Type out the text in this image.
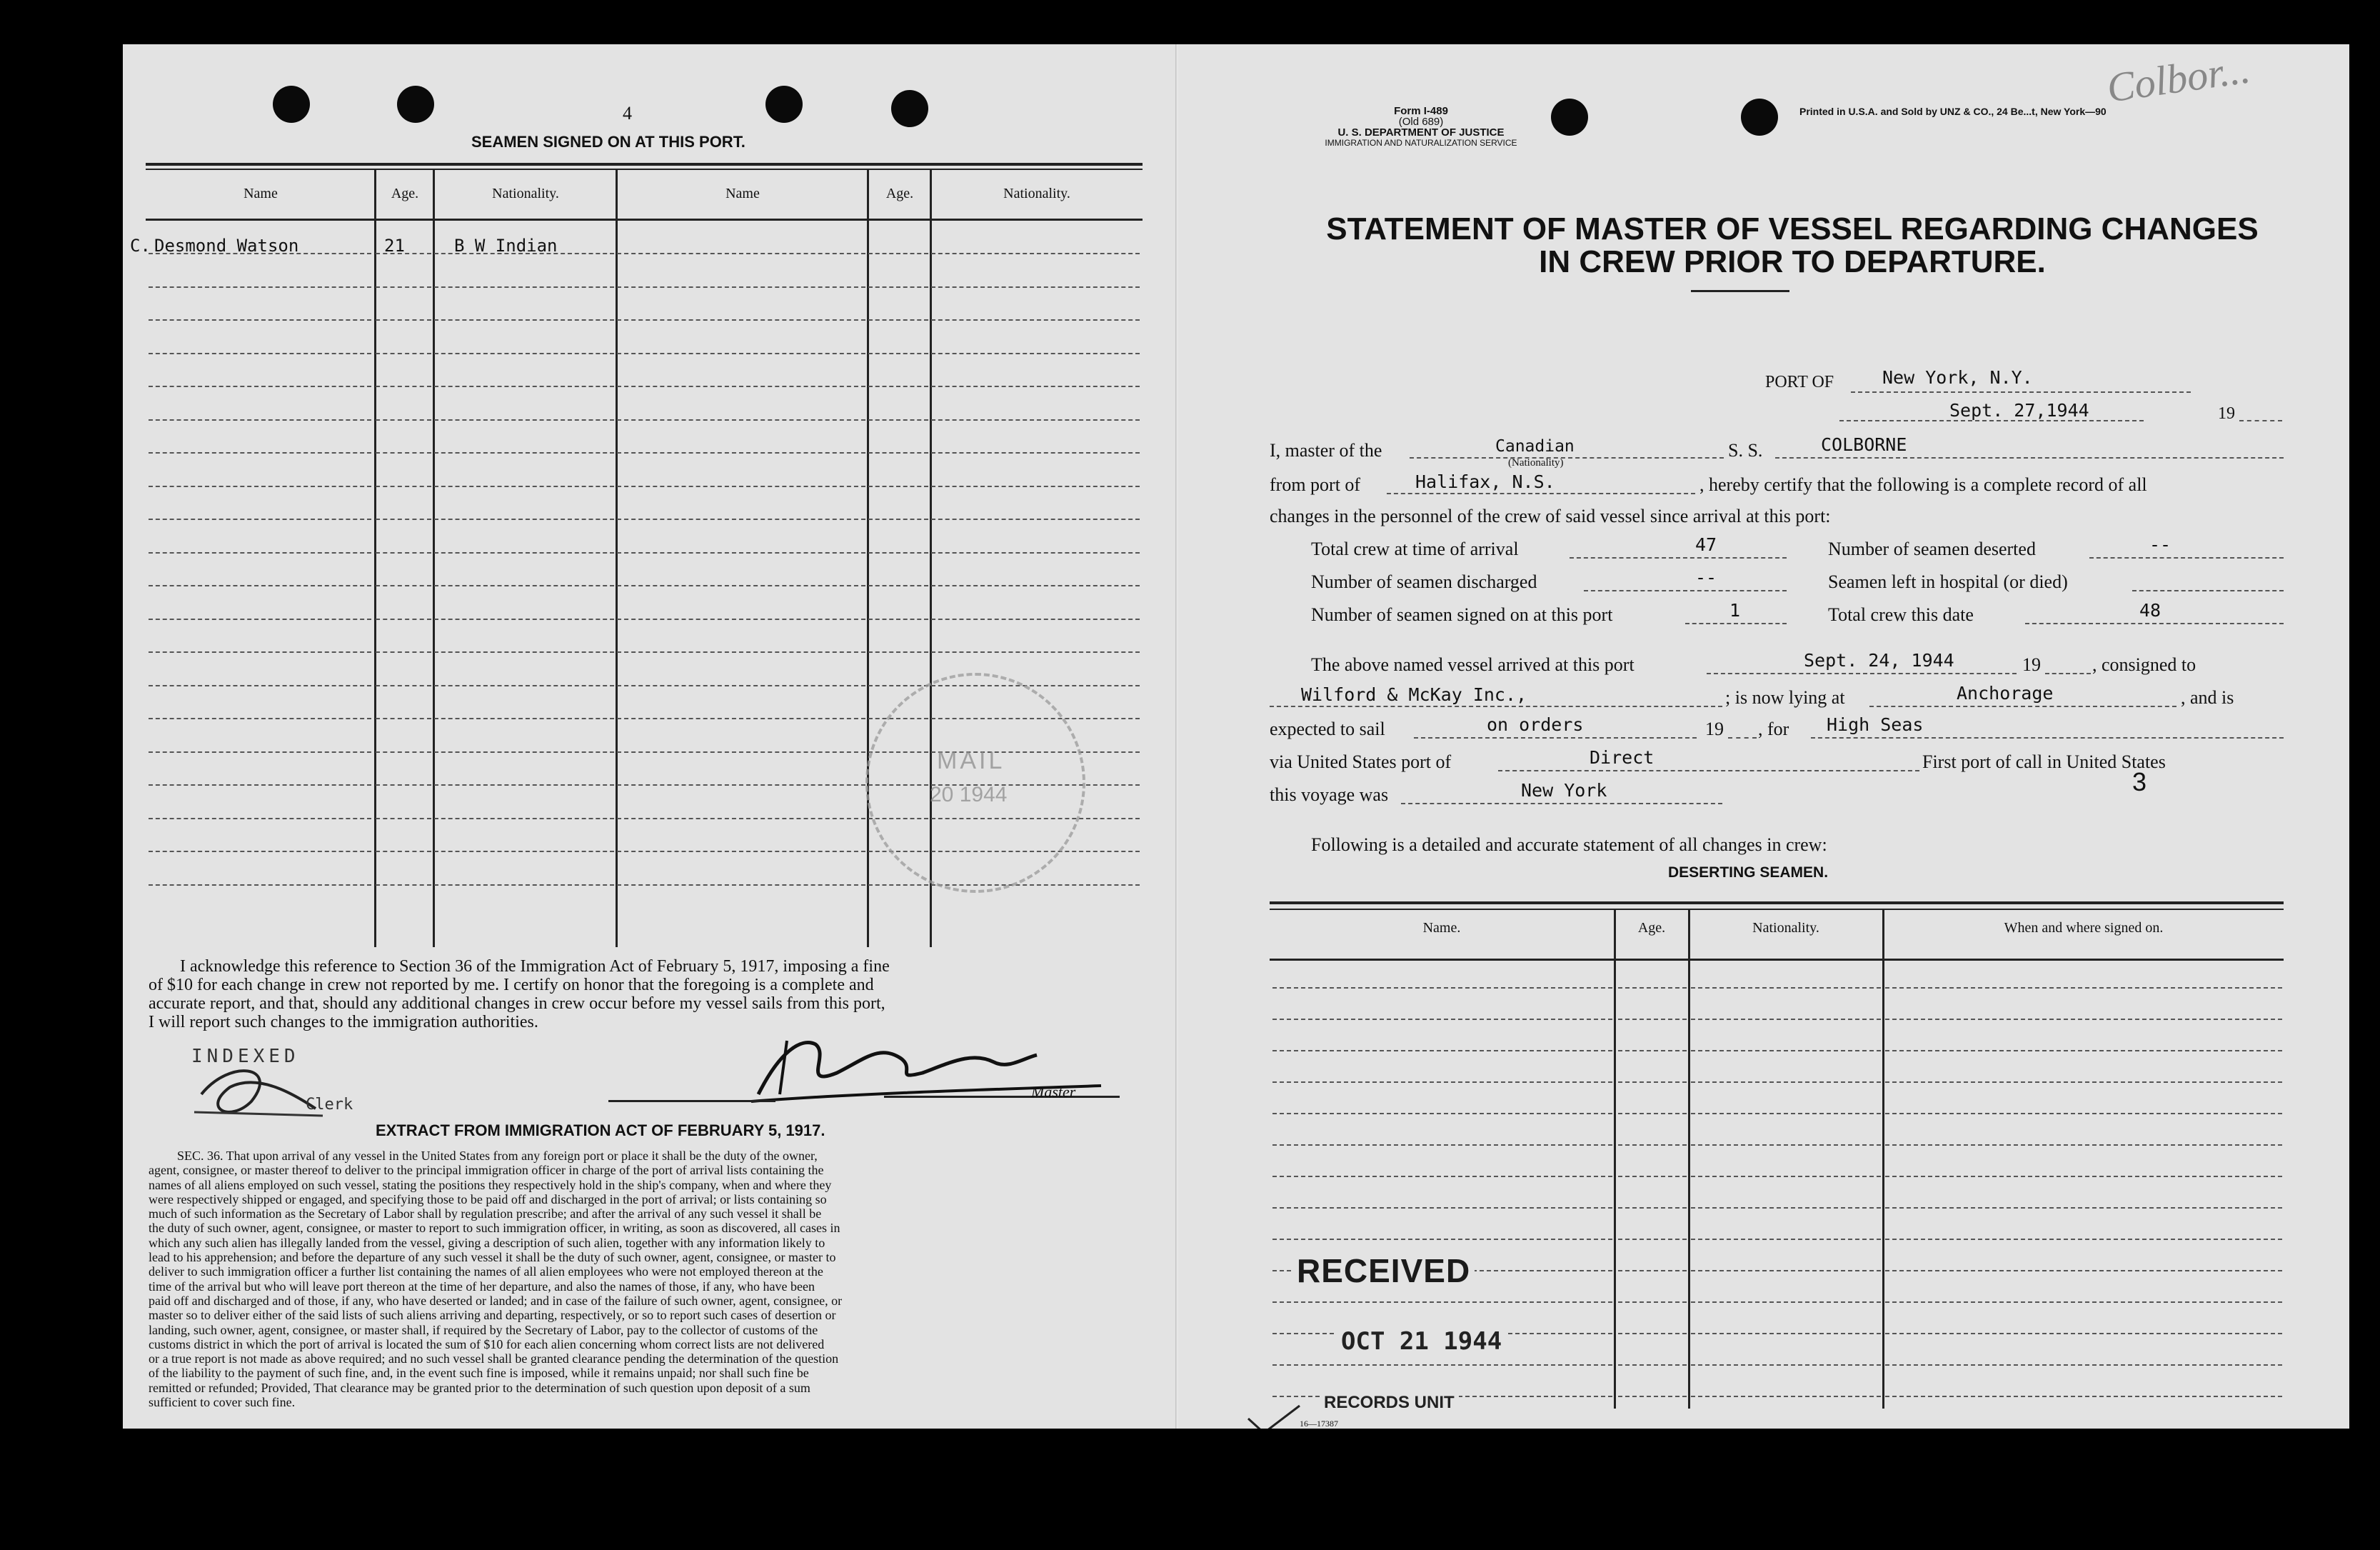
4
SEAMEN SIGNED ON AT THIS PORT.
Name	Age.	Nationality.	Name	Age.	Nationality.
C. Desmond Watson	21	B W Indian
MAIL
20 1944
I acknowledge this reference to Section 36 of the Immigration Act of February 5, 1917, imposing a fine
of $10 for each change in crew not reported by me. I certify on honor that the foregoing is a complete and
accurate report, and that, should any additional changes in crew occur before my vessel sails from this port,
I will report such changes to the immigration authorities.
INDEXED
Clerk
Master
EXTRACT FROM IMMIGRATION ACT OF FEBRUARY 5, 1917.
SEC. 36. That upon arrival of any vessel in the United States from any foreign port or place it shall be the duty of the owner,
agent, consignee, or master thereof to deliver to the principal immigration officer in charge of the port of arrival lists containing the
names of all aliens employed on such vessel, stating the positions they respectively hold in the ship's company, when and where they
were respectively shipped or engaged, and specifying those to be paid off and discharged in the port of arrival; or lists containing so
much of such information as the Secretary of Labor shall by regulation prescribe; and after the arrival of any such vessel it shall be
the duty of such owner, agent, consignee, or master to report to such immigration officer, in writing, as soon as discovered, all cases in
which any such alien has illegally landed from the vessel, giving a description of such alien, together with any information likely to
lead to his apprehension; and before the departure of any such vessel it shall be the duty of such owner, agent, consignee, or master to
deliver to such immigration officer a further list containing the names of all alien employees who were not employed thereon at the
time of the arrival but who will leave port thereon at the time of her departure, and also the names of those, if any, who have been
paid off and discharged and of those, if any, who have deserted or landed; and in case of the failure of such owner, agent, consignee, or
master so to deliver either of the said lists of such aliens arriving and departing, respectively, or so to report such cases of desertion or
landing, such owner, agent, consignee, or master shall, if required by the Secretary of Labor, pay to the collector of customs of the
customs district in which the port of arrival is located the sum of $10 for each alien concerning whom correct lists are not delivered
or a true report is not made as above required; and no such vessel shall be granted clearance pending the determination of the question
of the liability to the payment of such fine, and, in the event such fine is imposed, while it remains unpaid; nor shall such fine be
remitted or refunded; Provided, That clearance may be granted prior to the determination of such question upon deposit of a sum
sufficient to cover such fine.
Form I-489
(Old 689)
U. S. DEPARTMENT OF JUSTICE
IMMIGRATION AND NATURALIZATION SERVICE
Printed in U.S.A. and Sold by UNZ & CO., 24 Be...t, New York—90
Colbor...
STATEMENT OF MASTER OF VESSEL REGARDING CHANGES
IN CREW PRIOR TO DEPARTURE.
PORT OF	New York, N.Y.
Sept. 27,1944	19
I, master of the	Canadian
(Nationality)
S. S.	COLBORNE
from port of	Halifax, N.S.	, hereby certify that the following is a complete record of all
changes in the personnel of the crew of said vessel since arrival at this port:
Total crew at time of arrival	47	Number of seamen deserted	--
Number of seamen discharged	--	Seamen left in hospital (or died)
Number of seamen signed on at this port	1	Total crew this date	48
The above named vessel arrived at this port	Sept. 24, 1944	19	, consigned to
Wilford & McKay Inc.,	; is now lying at	Anchorage	, and is
expected to sail	on orders	19 , for High Seas
via United States port of	Direct	First port of call in United States
3
this voyage was	New York
Following is a detailed and accurate statement of all changes in crew:
DESERTING SEAMEN.
Name.	Age.	Nationality.	When and where signed on.
RECEIVED
OCT 21 1944
RECORDS UNIT
16—17387
